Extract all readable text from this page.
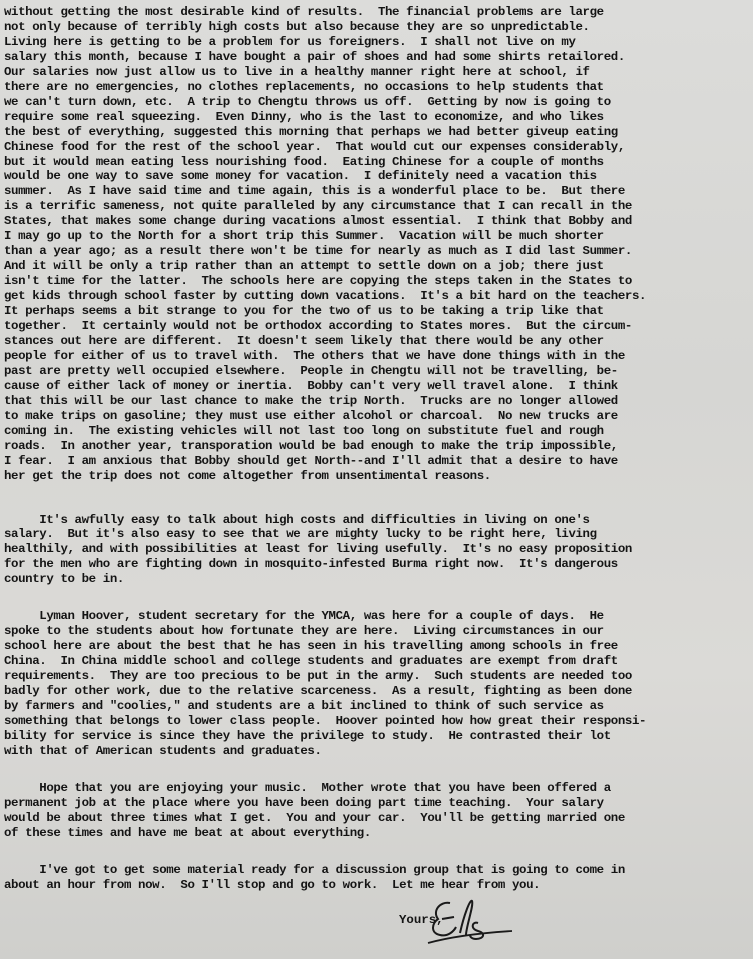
without getting the most desirable kind of results.  The financial problems are large
not only because of terribly high costs but also because they are so unpredictable.
Living here is getting to be a problem for us foreigners.  I shall not live on my
salary this month, because I have bought a pair of shoes and had some shirts retailored.
Our salaries now just allow us to live in a healthy manner right here at school, if
there are no emergencies, no clothes replacements, no occasions to help students that
we can't turn down, etc.  A trip to Chengtu throws us off.  Getting by now is going to
require some real squeezing.  Even Dinny, who is the last to economize, and who likes
the best of everything, suggested this morning that perhaps we had better giveup eating
Chinese food for the rest of the school year.  That would cut our expenses considerably,
but it would mean eating less nourishing food.  Eating Chinese for a couple of months
would be one way to save some money for vacation.  I definitely need a vacation this
summer.  As I have said time and time again, this is a wonderful place to be.  But there
is a terrific sameness, not quite paralleled by any circumstance that I can recall in the
States, that makes some change during vacations almost essential.  I think that Bobby and
I may go up to the North for a short trip this Summer.  Vacation will be much shorter
than a year ago; as a result there won't be time for nearly as much as I did last Summer.
And it will be only a trip rather than an attempt to settle down on a job; there just
isn't time for the latter.  The schools here are copying the steps taken in the States to
get kids through school faster by cutting down vacations.  It's a bit hard on the teachers.
It perhaps seems a bit strange to you for the two of us to be taking a trip like that
together.  It certainly would not be orthodox according to States mores.  But the circum-
stances out here are different.  It doesn't seem likely that there would be any other
people for either of us to travel with.  The others that we have done things with in the
past are pretty well occupied elsewhere.  People in Chengtu will not be travelling, be-
cause of either lack of money or inertia.  Bobby can't very well travel alone.  I think
that this will be our last chance to make the trip North.  Trucks are no longer allowed
to make trips on gasoline; they must use either alcohol or charcoal.  No new trucks are
coming in.  The existing vehicles will not last too long on substitute fuel and rough
roads.  In another year, transporation would be bad enough to make the trip impossible,
I fear.  I am anxious that Bobby should get North--and I'll admit that a desire to have
her get the trip does not come altogether from unsentimental reasons.
It's awfully easy to talk about high costs and difficulties in living on one's
salary.  But it's also easy to see that we are mighty lucky to be right here, living
healthily, and with possibilities at least for living usefully.  It's no easy proposition
for the men who are fighting down in mosquito-infested Burma right now.  It's dangerous
country to be in.
Lyman Hoover, student secretary for the YMCA, was here for a couple of days.  He
spoke to the students about how fortunate they are here.  Living circumstances in our
school here are about the best that he has seen in his travelling among schools in free
China.  In China middle school and college students and graduates are exempt from draft
requirements.  They are too precious to be put in the army.  Such students are needed too
badly for other work, due to the relative scarceness.  As a result, fighting as been done
by farmers and "coolies," and students are a bit inclined to think of such service as
something that belongs to lower class people.  Hoover pointed how how great their responsi-
bility for service is since they have the privilege to study.  He contrasted their lot
with that of American students and graduates.
Hope that you are enjoying your music.  Mother wrote that you have been offered a
permanent job at the place where you have been doing part time teaching.  Your salary
would be about three times what I get.  You and your car.  You'll be getting married one
of these times and have me beat at about everything.
I've got to get some material ready for a discussion group that is going to come in
about an hour from now.  So I'll stop and go to work.  Let me hear from you.
Yours,
